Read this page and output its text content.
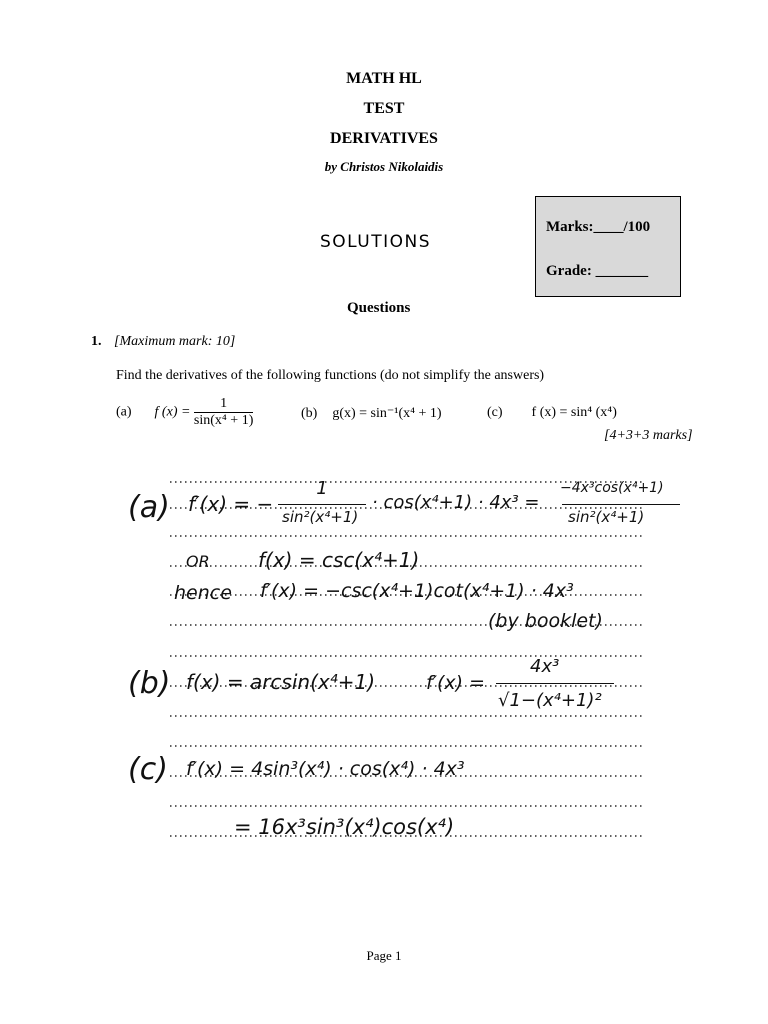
MATH HL
TEST
DERIVATIVES
by Christos Nikolaidis
SOLUTIONS
Marks:____/100
Grade: _______
Questions
1. [Maximum mark: 10]
Find the derivatives of the following functions (do not simplify the answers)
(a) f $(x) = \frac{1}{\text{sin(x⁴ + 1)}}$	(b) g(x) = sin⁻¹(x⁴ + 1)	(c) f (x) = sin⁴ (x⁴)
[4+3+3 marks]
(a) f′(x) = −
1
sin²(x⁴+1)
· cos(x⁴+1) · 4x³ =
−4x³cos(x⁴+1)
sin²(x⁴+1)
OR f(x) = csc(x⁴+1)
hence f′(x) = −csc(x⁴+1)cot(x⁴+1) · 4x³
(by booklet)
(b) f(x) = arcsin(x⁴+1)	f′(x) =
4x³
√1−(x⁴+1)²
(c) f′(x) = 4sin³(x⁴) · cos(x⁴) · 4x³
= 16x³sin³(x⁴)cos(x⁴)
Page 1
